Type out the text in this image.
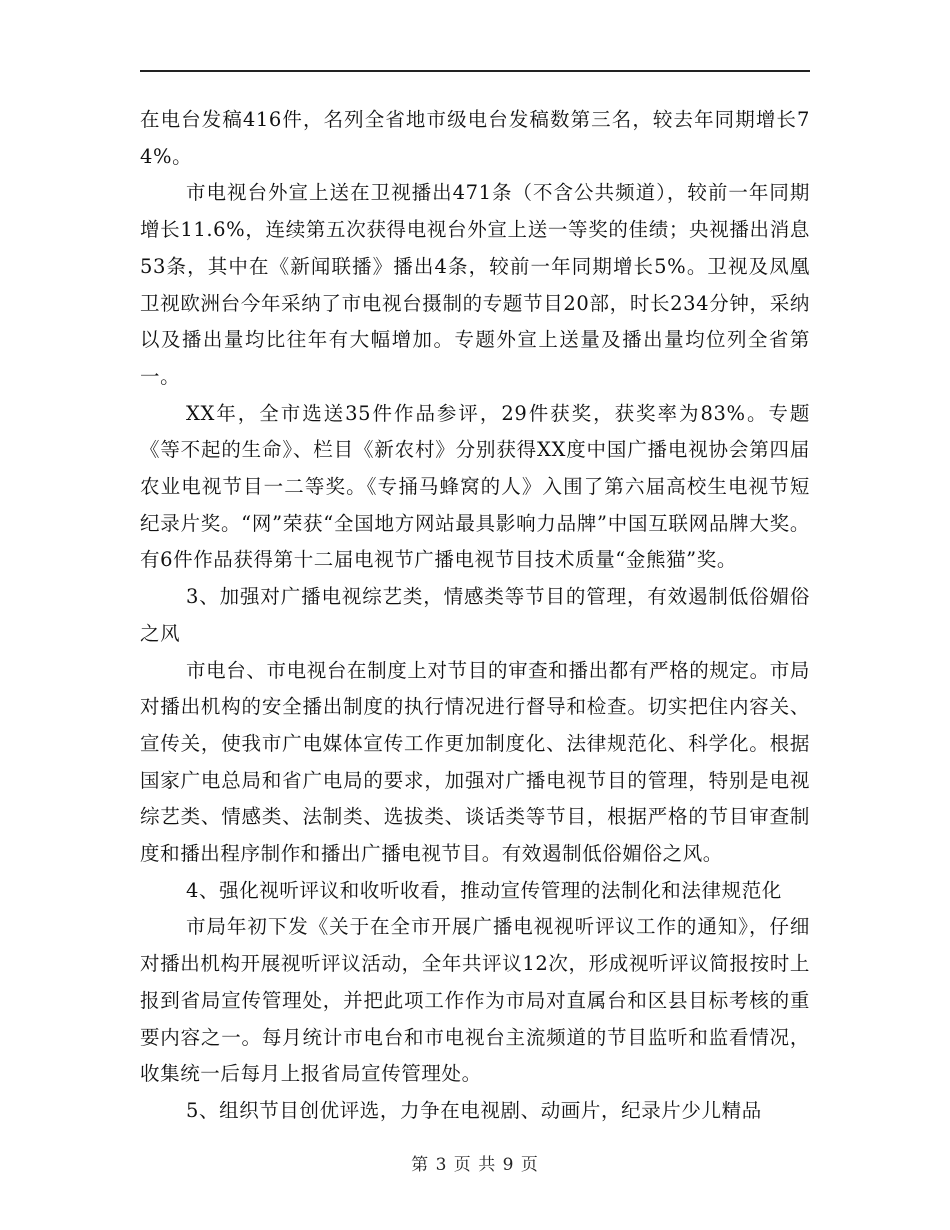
在电台发稿416件，名列全省地市级电台发稿数第三名，较去年同期增长74%。

市电视台外宣上送在卫视播出471条（不含公共频道），较前一年同期增长11.6%，连续第五次获得电视台外宣上送一等奖的佳绩；央视播出消息53条，其中在《新闻联播》播出4条，较前一年同期增长5%。卫视及凤凰卫视欧洲台今年采纳了市电视台摄制的专题节目20部，时长234分钟，采纳以及播出量均比往年有大幅增加。专题外宣上送量及播出量均位列全省第一。

XX年，全市选送35件作品参评，29件获奖，获奖率为83%。专题《等不起的生命》、栏目《新农村》分别获得XX度中国广播电视协会第四届农业电视节目一二等奖。《专捅马蜂窝的人》入围了第六届高校生电视节短纪录片奖。“网”荣获“全国地方网站最具影响力品牌”中国互联网品牌大奖。有6件作品获得第十二届电视节广播电视节目技术质量“金熊猫”奖。

3、加强对广播电视综艺类，情感类等节目的管理，有效遏制低俗媚俗之风

市电台、市电视台在制度上对节目的审查和播出都有严格的规定。市局对播出机构的安全播出制度的执行情况进行督导和检查。切实把住内容关、宣传关，使我市广电媒体宣传工作更加制度化、法律规范化、科学化。根据国家广电总局和省广电局的要求，加强对广播电视节目的管理，特别是电视综艺类、情感类、法制类、选拔类、谈话类等节目，根据严格的节目审查制度和播出程序制作和播出广播电视节目。有效遏制低俗媚俗之风。

4、强化视听评议和收听收看，推动宣传管理的法制化和法律规范化

市局年初下发《关于在全市开展广播电视视听评议工作的通知》，仔细对播出机构开展视听评议活动，全年共评议12次，形成视听评议简报按时上报到省局宣传管理处，并把此项工作作为市局对直属台和区县目标考核的重要内容之一。每月统计市电台和市电视台主流频道的节目监听和监看情况，收集统一后每月上报省局宣传管理处。

5、组织节目创优评选，力争在电视剧、动画片，纪录片少儿精品

第 3 页 共 9 页
